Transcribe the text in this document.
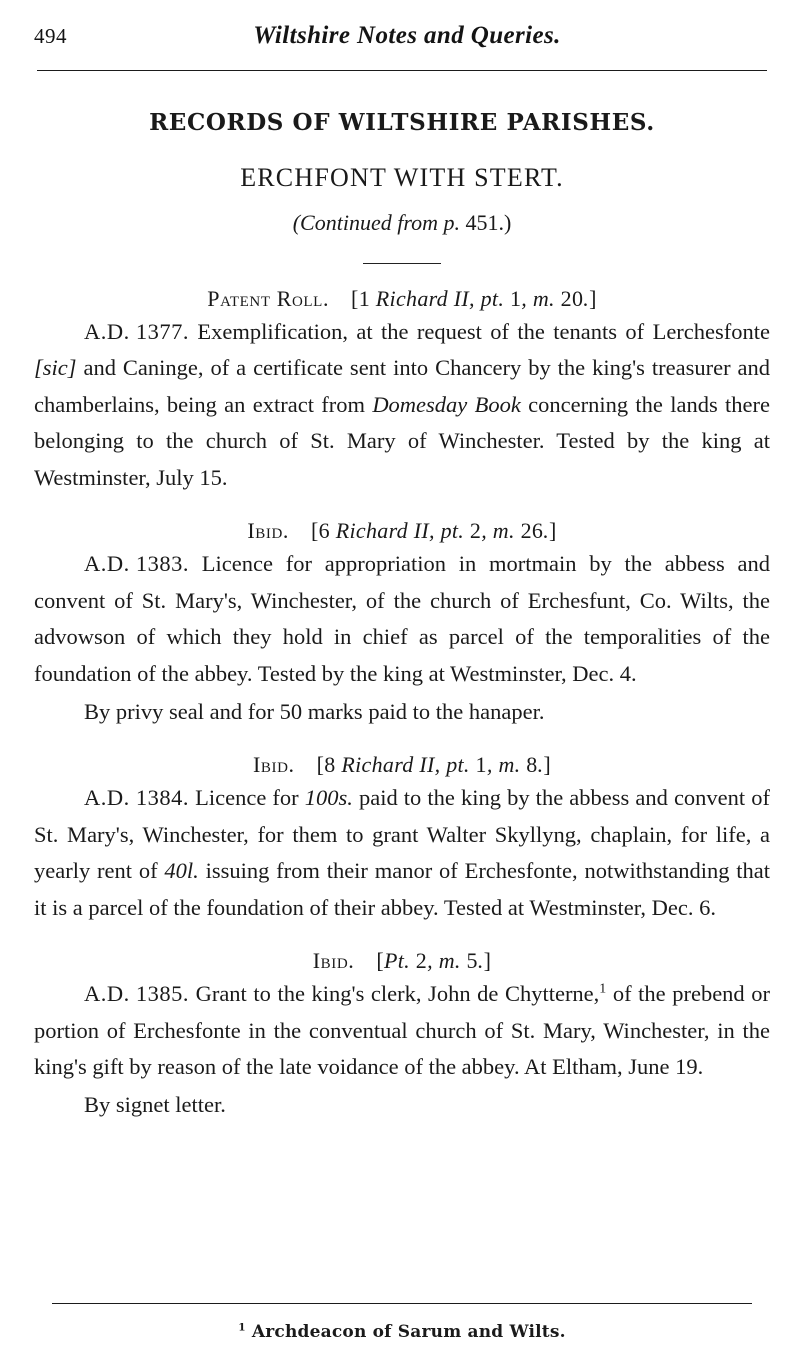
494	Wiltshire Notes and Queries.
RECORDS OF WILTSHIRE PARISHES.
ERCHFONT WITH STERT.
(Continued from p. 451.)
Patent Roll. [1 Richard II, pt. 1, m. 20.]

A.D. 1377. Exemplification, at the request of the tenants of Lerchesfonte [sic] and Caninge, of a certificate sent into Chancery by the king's treasurer and chamberlains, being an extract from Domesday Book concerning the lands there belonging to the church of St. Mary of Winchester. Tested by the king at Westminster, July 15.

Ibid. [6 Richard II, pt. 2, m. 26.]

A.D. 1383. Licence for appropriation in mortmain by the abbess and convent of St. Mary's, Winchester, of the church of Erchesfunt, Co. Wilts, the advowson of which they hold in chief as parcel of the temporalities of the foundation of the abbey. Tested by the king at Westminster, Dec. 4.

By privy seal and for 50 marks paid to the hanaper.

Ibid. [8 Richard II, pt. 1, m. 8.]

A.D. 1384. Licence for 100s. paid to the king by the abbess and convent of St. Mary's, Winchester, for them to grant Walter Skyllyng, chaplain, for life, a yearly rent of 40l. issuing from their manor of Erchesfonte, notwithstanding that it is a parcel of the foundation of their abbey. Tested at Westminster, Dec. 6.

Ibid. [Pt. 2, m. 5.]

A.D. 1385. Grant to the king's clerk, John de Chytterne,$^1$ of the prebend or portion of Erchesfonte in the conventual church of St. Mary, Winchester, in the king's gift by reason of the late voidance of the abbey. At Eltham, June 19.

By signet letter.

$^1$ Archdeacon of Sarum and Wilts.
